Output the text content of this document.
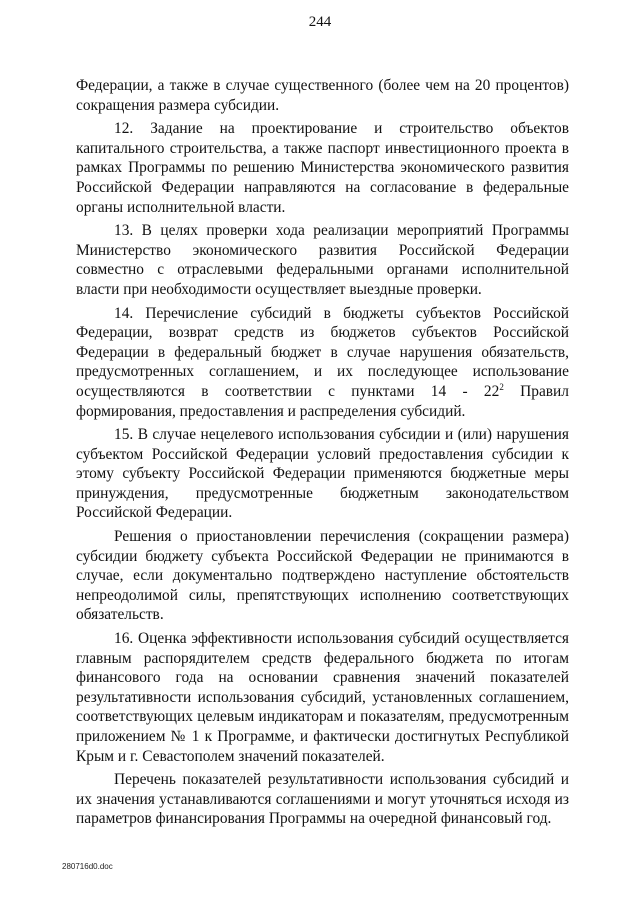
244

Федерации, а также в случае существенного (более чем на 20 процентов) сокращения размера субсидии.

12. Задание на проектирование и строительство объектов капитального строительства, а также паспорт инвестиционного проекта в рамках Программы по решению Министерства экономического развития Российской Федерации направляются на согласование в федеральные органы исполнительной власти.

13. В целях проверки хода реализации мероприятий Программы Министерство экономического развития Российской Федерации совместно с отраслевыми федеральными органами исполнительной власти при необходимости осуществляет выездные проверки.

14. Перечисление субсидий в бюджеты субъектов Российской Федерации, возврат средств из бюджетов субъектов Российской Федерации в федеральный бюджет в случае нарушения обязательств, предусмотренных соглашением, и их последующее использование осуществляются в соответствии с пунктами $14 - 22^2$ Правил формирования, предоставления и распределения субсидий.

15. В случае нецелевого использования субсидии и (или) нарушения субъектом Российской Федерации условий предоставления субсидии к этому субъекту Российской Федерации применяются бюджетные меры принуждения, предусмотренные бюджетным законодательством Российской Федерации.

Решения о приостановлении перечисления (сокращении размера) субсидии бюджету субъекта Российской Федерации не принимаются в случае, если документально подтверждено наступление обстоятельств непреодолимой силы, препятствующих исполнению соответствующих обязательств.

16. Оценка эффективности использования субсидий осуществляется главным распорядителем средств федерального бюджета по итогам финансового года на основании сравнения значений показателей результативности использования субсидий, установленных соглашением, соответствующих целевым индикаторам и показателям, предусмотренным приложением № 1 к Программе, и фактически достигнутых Республикой Крым и г. Севастополем значений показателей.

Перечень показателей результативности использования субсидий и их значения устанавливаются соглашениями и могут уточняться исходя из параметров финансирования Программы на очередной финансовый год.

280716d0.doc
